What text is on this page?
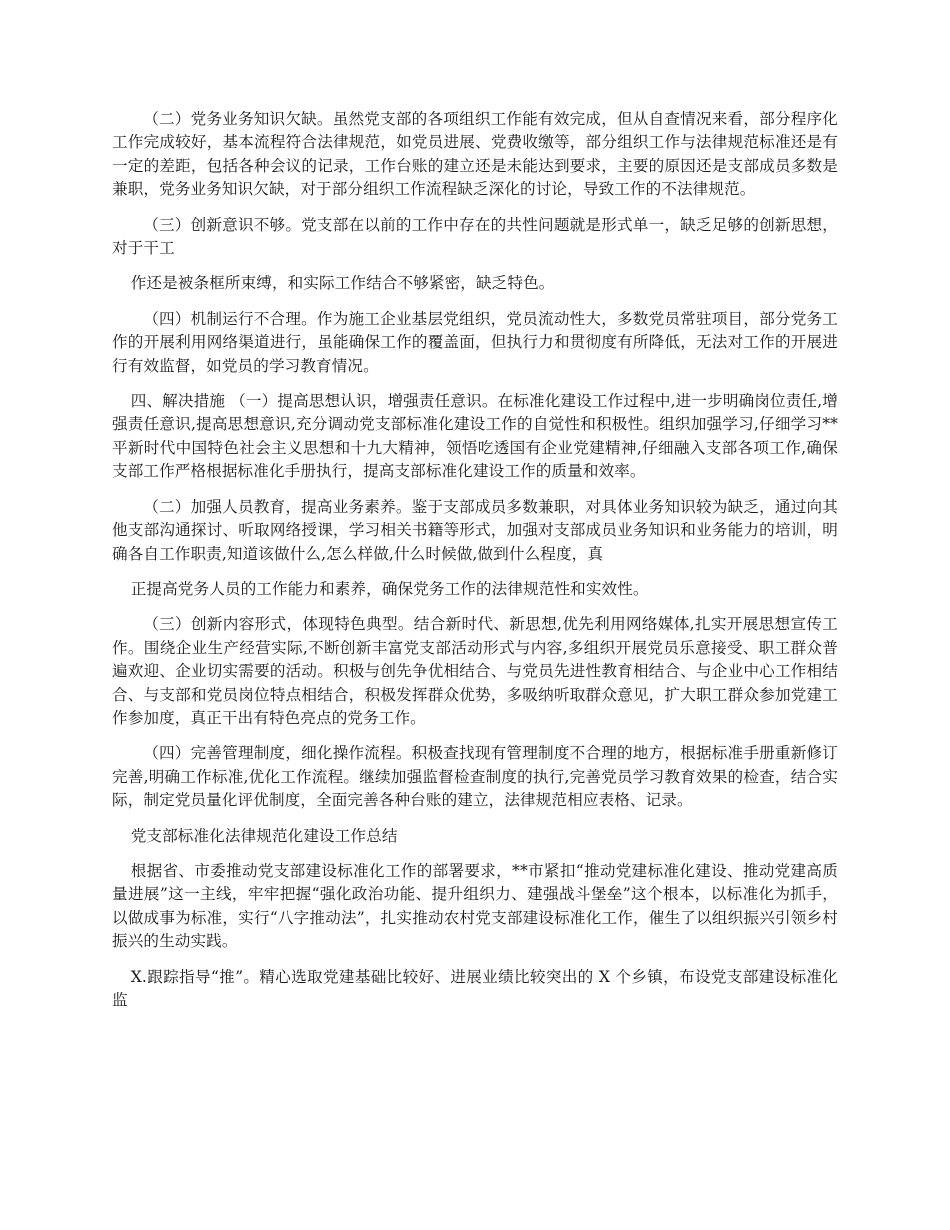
（二）党务业务知识欠缺。虽然党支部的各项组织工作能有效完成，但从自查情况来看，部分程序化工作完成较好，基本流程符合法律规范，如党员进展、党费收缴等，部分组织工作与法律规范标准还是有一定的差距，包括各种会议的记录，工作台账的建立还是未能达到要求，主要的原因还是支部成员多数是兼职，党务业务知识欠缺，对于部分组织工作流程缺乏深化的讨论，导致工作的不法律规范。

（三）创新意识不够。党支部在以前的工作中存在的共性问题就是形式单一，缺乏足够的创新思想，对于干工

作还是被条框所束缚，和实际工作结合不够紧密，缺乏特色。

（四）机制运行不合理。作为施工企业基层党组织，党员流动性大，多数党员常驻项目，部分党务工作的开展利用网络渠道进行，虽能确保工作的覆盖面，但执行力和贯彻度有所降低，无法对工作的开展进行有效监督，如党员的学习教育情况。

四、解决措施 （一）提高思想认识，增强责任意识。在标准化建设工作过程中,进一步明确岗位责任,增强责任意识,提高思想意识,充分调动党支部标准化建设工作的自觉性和积极性。组织加强学习,仔细学习**平新时代中国特色社会主义思想和十九大精神，领悟吃透国有企业党建精神,仔细融入支部各项工作,确保支部工作严格根据标准化手册执行，提高支部标准化建设工作的质量和效率。

（二）加强人员教育，提高业务素养。鉴于支部成员多数兼职，对具体业务知识较为缺乏，通过向其他支部沟通探讨、听取网络授课，学习相关书籍等形式，加强对支部成员业务知识和业务能力的培训，明确各自工作职责,知道该做什么,怎么样做,什么时候做,做到什么程度，真

正提高党务人员的工作能力和素养，确保党务工作的法律规范性和实效性。

（三）创新内容形式，体现特色典型。结合新时代、新思想,优先利用网络媒体,扎实开展思想宣传工作。围绕企业生产经营实际,不断创新丰富党支部活动形式与内容,多组织开展党员乐意接受、职工群众普遍欢迎、企业切实需要的活动。积极与创先争优相结合、与党员先进性教育相结合、与企业中心工作相结合、与支部和党员岗位特点相结合，积极发挥群众优势，多吸纳听取群众意见，扩大职工群众参加党建工作参加度，真正干出有特色亮点的党务工作。

（四）完善管理制度，细化操作流程。积极查找现有管理制度不合理的地方，根据标准手册重新修订完善,明确工作标准,优化工作流程。继续加强监督检查制度的执行,完善党员学习教育效果的检查，结合实际，制定党员量化评优制度，全面完善各种台账的建立，法律规范相应表格、记录。

党支部标准化法律规范化建设工作总结

根据省、市委推动党支部建设标准化工作的部署要求，**市紧扣“推动党建标准化建设、推动党建高质量进展”这一主线，牢牢把握“强化政治功能、提升组织力、建强战斗堡垒”这个根本，以标准化为抓手，以做成事为标准，实行“八字推动法”，扎实推动农村党支部建设标准化工作，催生了以组织振兴引领乡村振兴的生动实践。

X.跟踪指导“推”。精心选取党建基础比较好、进展业绩比较突出的 X 个乡镇，布设党支部建设标准化监
